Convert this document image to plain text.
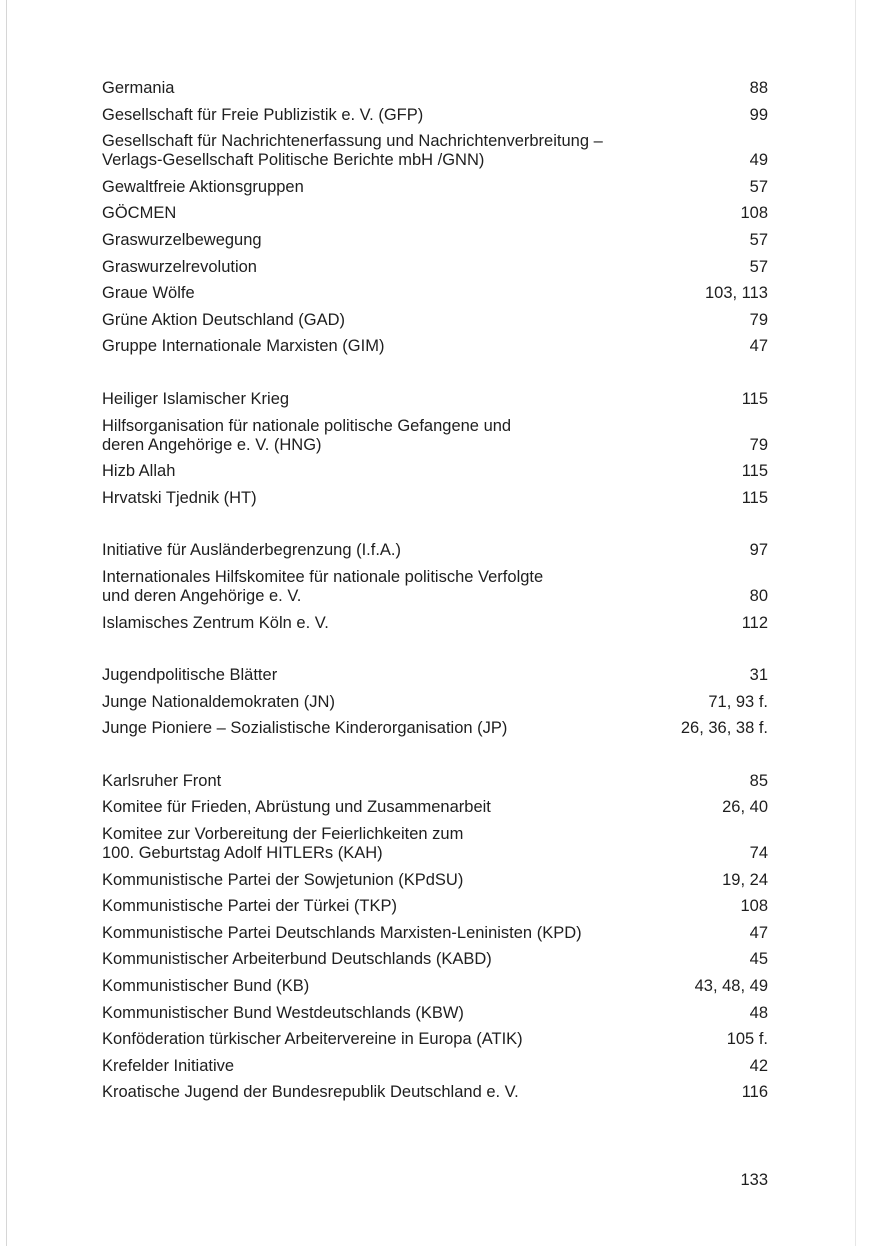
Germania	88
Gesellschaft für Freie Publizistik e. V. (GFP)	99
Gesellschaft für Nachrichtenerfassung und Nachrichtenverbreitung –
Verlags-Gesellschaft Politische Berichte mbH /GNN)	49
Gewaltfreie Aktionsgruppen	57
GÖCMEN	108
Graswurzelbewegung	57
Graswurzelrevolution	57
Graue Wölfe	103, 113
Grüne Aktion Deutschland (GAD)	79
Gruppe Internationale Marxisten (GIM)	47
Heiliger Islamischer Krieg	115
Hilfsorganisation für nationale politische Gefangene und
deren Angehörige e. V. (HNG)	79
Hizb Allah	115
Hrvatski Tjednik (HT)	115
Initiative für Ausländerbegrenzung (I.f.A.)	97
Internationales Hilfskomitee für nationale politische Verfolgte
und deren Angehörige e. V.	80
Islamisches Zentrum Köln e. V.	112
Jugendpolitische Blätter	31
Junge Nationaldemokraten (JN)	71, 93 f.
Junge Pioniere – Sozialistische Kinderorganisation (JP)	26, 36, 38 f.
Karlsruher Front	85
Komitee für Frieden, Abrüstung und Zusammenarbeit	26, 40
Komitee zur Vorbereitung der Feierlichkeiten zum
100. Geburtstag Adolf HITLERs (KAH)	74
Kommunistische Partei der Sowjetunion (KPdSU)	19, 24
Kommunistische Partei der Türkei (TKP)	108
Kommunistische Partei Deutschlands Marxisten-Leninisten (KPD)	47
Kommunistischer Arbeiterbund Deutschlands (KABD)	45
Kommunistischer Bund (KB)	43, 48, 49
Kommunistischer Bund Westdeutschlands (KBW)	48
Konföderation türkischer Arbeitervereine in Europa (ATIK)	105 f.
Krefelder Initiative	42
Kroatische Jugend der Bundesrepublik Deutschland e. V.	116
133
